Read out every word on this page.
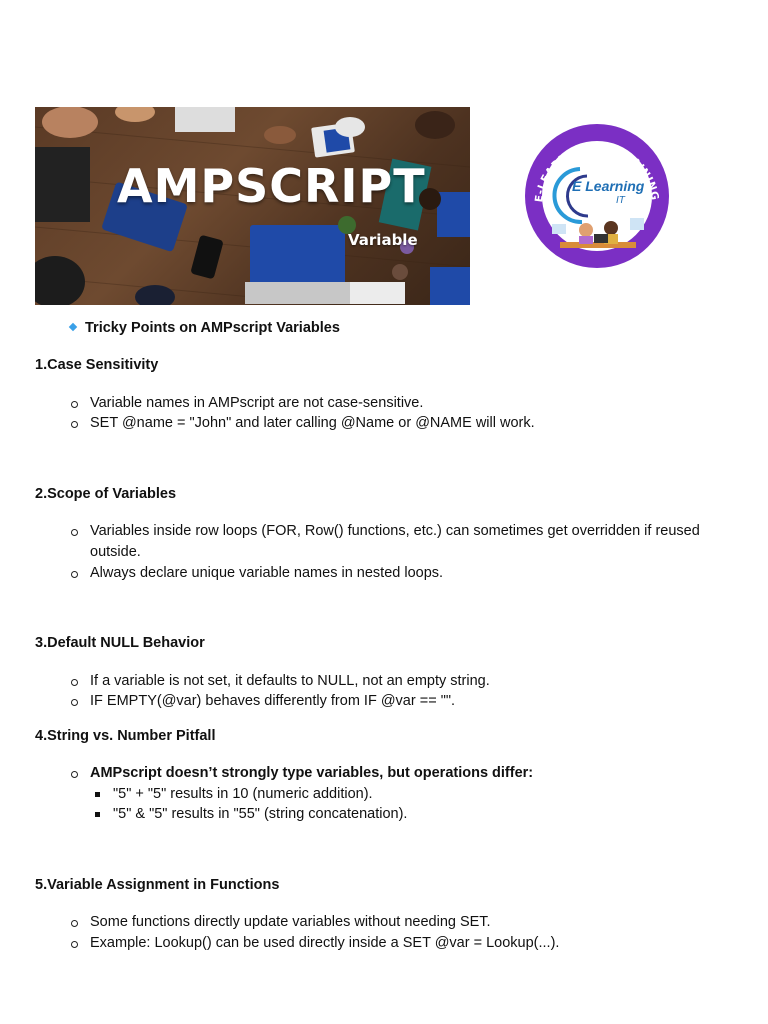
AMPSCRIPT
Variable
E-LEARNING IT (TRAINING
E Learning
IT
Tricky Points on AMPscript Variables
1.Case Sensitivity
Variable names in AMPscript are not case-sensitive.
SET @name = "John" and later calling @Name or @NAME will work.
2.Scope of Variables
Variables inside row loops (FOR, Row() functions, etc.) can sometimes get overridden if reused outside.
Always declare unique variable names in nested loops.
3.Default NULL Behavior
If a variable is not set, it defaults to NULL, not an empty string.
IF EMPTY(@var) behaves differently from IF @var == "".
4.String vs. Number Pitfall
AMPscript doesn’t strongly type variables, but operations differ:
"5" + "5" results in 10 (numeric addition).
"5" & "5" results in "55" (string concatenation).
5.Variable Assignment in Functions
Some functions directly update variables without needing SET.
Example: Lookup() can be used directly inside a SET @var = Lookup(...).
